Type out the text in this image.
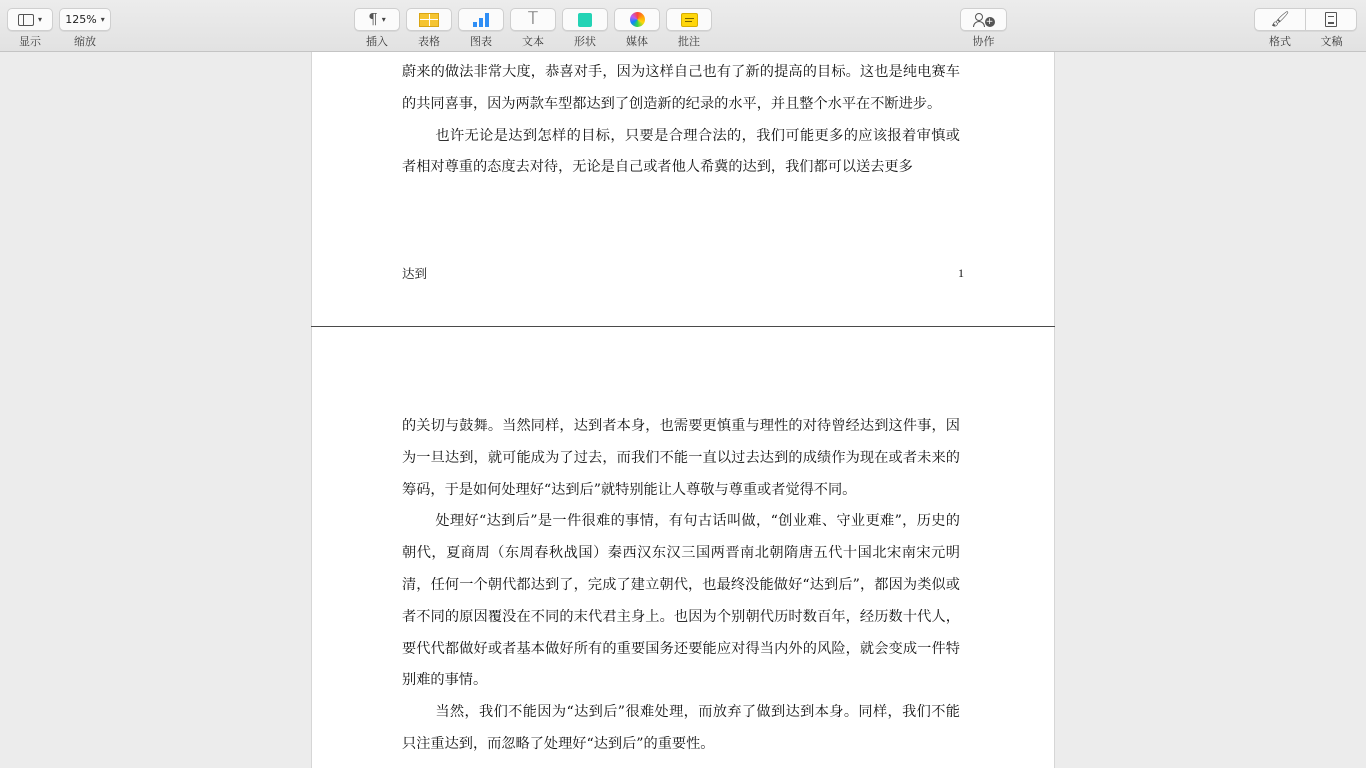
▾
显示
125% ▾
缩放
¶ ▾
插入	表格	图表
T
文本	形状	媒体	批注
+
协作
🖌
格式	文稿

蔚来的做法非常大度，恭喜对手，因为这样自己也有了新的提高的目标。这也是纯电赛车的共同喜事，因为两款车型都达到了创造新的纪录的水平，并且整个水平在不断进步。

也许无论是达到怎样的目标，只要是合理合法的，我们可能更多的应该报着审慎或者相对尊重的态度去对待，无论是自己或者他人希冀的达到，我们都可以送去更多

达到	1

的关切与鼓舞。当然同样，达到者本身，也需要更慎重与理性的对待曾经达到这件事，因为一旦达到，就可能成为了过去，而我们不能一直以过去达到的成绩作为现在或者未来的筹码，于是如何处理好“达到后”就特别能让人尊敬与尊重或者觉得不同。

处理好“达到后”是一件很难的事情，有句古话叫做，“创业难、守业更难”，历史的朝代，夏商周（东周春秋战国）秦西汉东汉三国两晋南北朝隋唐五代十国北宋南宋元明清，任何一个朝代都达到了，完成了建立朝代，也最终没能做好“达到后”，都因为类似或者不同的原因覆没在不同的末代君主身上。也因为个别朝代历时数百年，经历数十代人，要代代都做好或者基本做好所有的重要国务还要能应对得当内外的风险，就会变成一件特别难的事情。

当然，我们不能因为“达到后”很难处理，而放弃了做到达到本身。同样，我们不能只注重达到，而忽略了处理好“达到后”的重要性。
